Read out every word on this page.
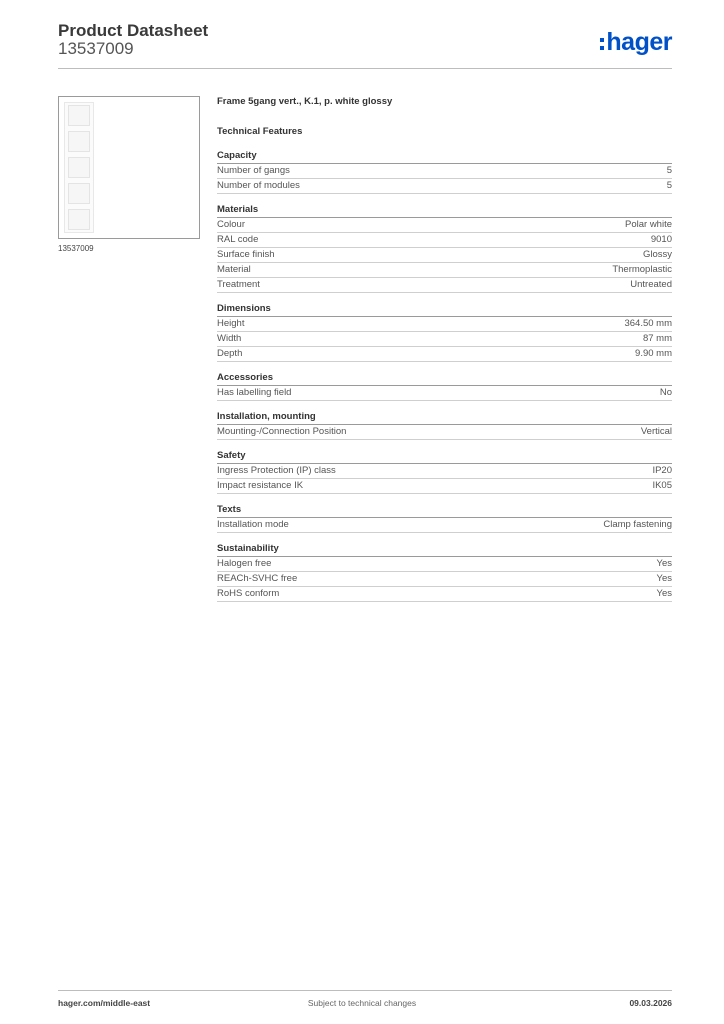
Product Datasheet
13537009	hager
13537009
Frame 5gang vert., K.1, p. white glossy
Technical Features
Capacity
Number of gangs	5
Number of modules	5
Materials
Colour	Polar white
RAL code	9010
Surface finish	Glossy
Material	Thermoplastic
Treatment	Untreated
Dimensions
Height	364.50 mm
Width	87 mm
Depth	9.90 mm
Accessories
Has labelling field	No
Installation, mounting
Mounting-/Connection Position	Vertical
Safety
Ingress Protection (IP) class	IP20
Impact resistance IK	IK05
Texts
Installation mode	Clamp fastening
Sustainability
Halogen free	Yes
REACh-SVHC free	Yes
RoHS conform	Yes
hager.com/middle-east	Subject to technical changes	09.03.2026
